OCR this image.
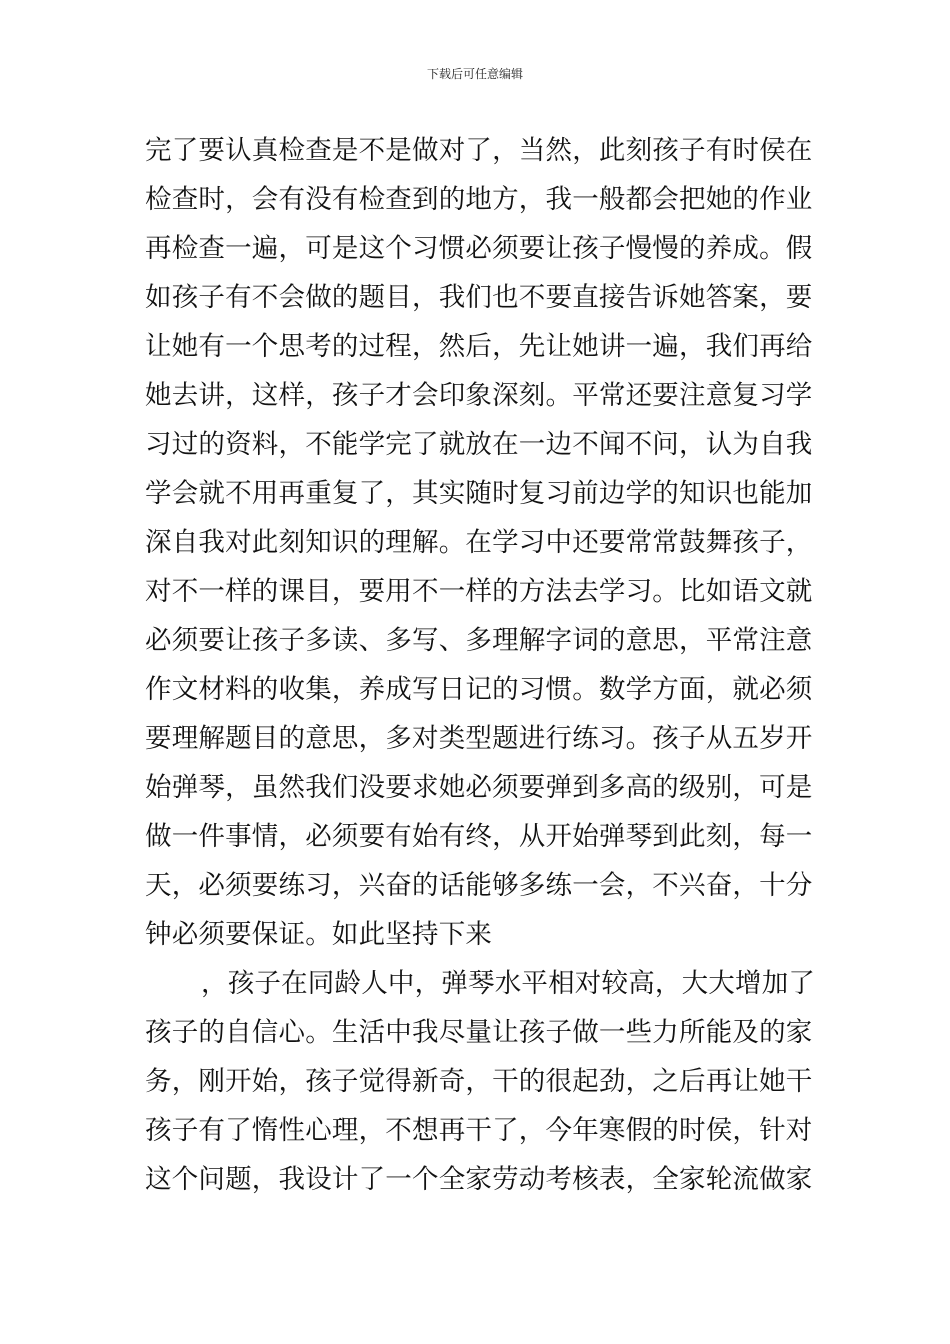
下载后可任意编辑
完了要认真检查是不是做对了，当然，此刻孩子有时侯在
检查时，会有没有检查到的地方，我一般都会把她的作业
再检查一遍，可是这个习惯必须要让孩子慢慢的养成。假
如孩子有不会做的题目，我们也不要直接告诉她答案，要
让她有一个思考的过程，然后，先让她讲一遍，我们再给
她去讲，这样，孩子才会印象深刻。平常还要注意复习学
习过的资料，不能学完了就放在一边不闻不问，认为自我
学会就不用再重复了，其实随时复习前边学的知识也能加
深自我对此刻知识的理解。在学习中还要常常鼓舞孩子，
对不一样的课目，要用不一样的方法去学习。比如语文就
必须要让孩子多读、多写、多理解字词的意思，平常注意
作文材料的收集，养成写日记的习惯。数学方面，就必须
要理解题目的意思，多对类型题进行练习。孩子从五岁开
始弹琴，虽然我们没要求她必须要弹到多高的级别，可是
做一件事情，必须要有始有终，从开始弹琴到此刻，每一
天，必须要练习，兴奋的话能够多练一会，不兴奋，十分
钟必须要保证。如此坚持下来
，孩子在同龄人中，弹琴水平相对较高，大大增加了
孩子的自信心。生活中我尽量让孩子做一些力所能及的家
务，刚开始，孩子觉得新奇，干的很起劲，之后再让她干
孩子有了惰性心理，不想再干了，今年寒假的时侯，针对
这个问题，我设计了一个全家劳动考核表，全家轮流做家
